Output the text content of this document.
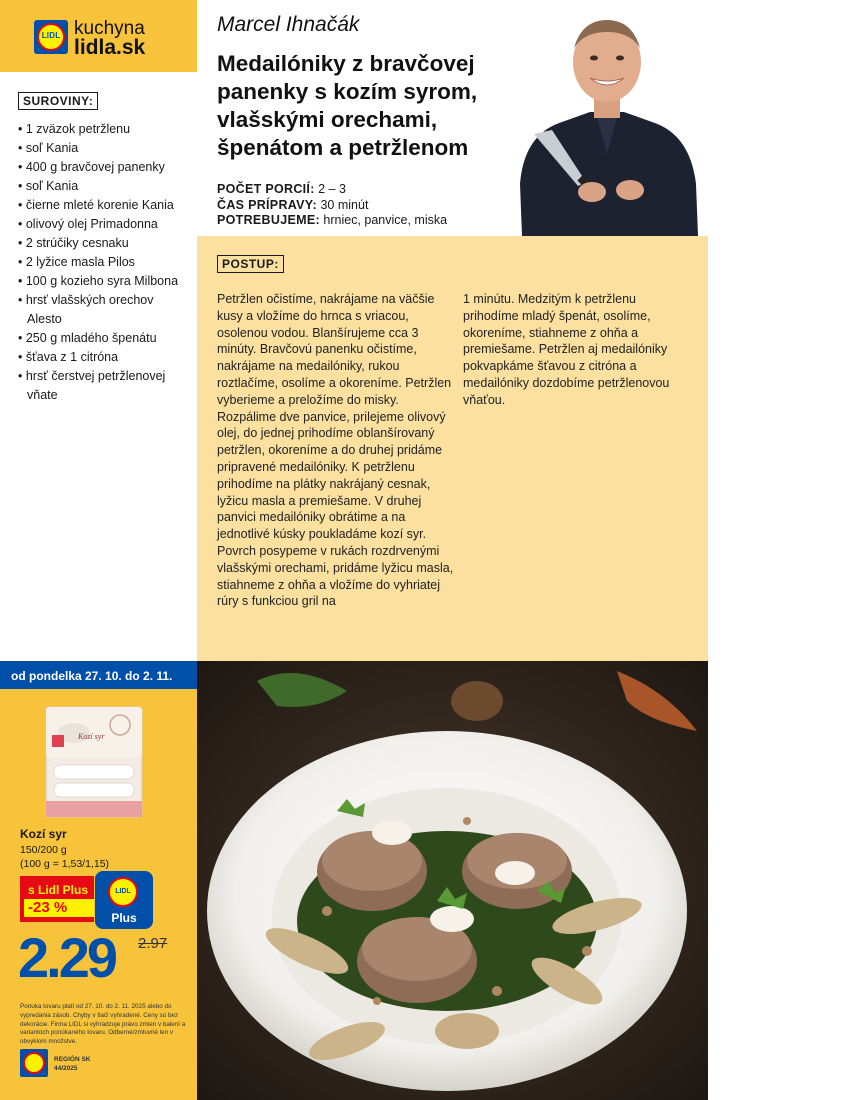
LIDL kuchyna
lidla.sk
SUROVINY:
• 1 zväzok petržlenu
• soľ Kania
• 400 g bravčovej panenky
• soľ Kania
• čierne mleté korenie Kania
• olivový olej Primadonna
• 2 strúčiky cesnaku
• 2 lyžice masla Pilos
• 100 g kozieho syra Milbona
• hrsť vlašských orechov Alesto
• 250 g mladého špenátu
• šťava z 1 citróna
• hrsť čerstvej petržlenovej vňate
Marcel Ihnačák
Medailóniky z bravčovej panenky s kozím syrom, vlašskými orechami, špenátom a petržlenom
POČET PORCIÍ: 2 – 3
ČAS PRÍPRAVY: 30 minút
POTREBUJEME: hrniec, panvice, miska
POSTUP:
Petržlen očistíme, nakrájame na väčšie kusy a vložíme do hrnca s vriacou, osolenou vodou. Blanšírujeme cca 3 minúty. Bravčovú panenku očistíme, nakrájame na medailóniky, rukou roztlačíme, osolíme a okoreníme. Petržlen vyberieme a preložíme do misky. Rozpálime dve panvice, prilejeme olivový olej, do jednej prihodíme oblanšírovaný petržlen, okoreníme a do druhej pridáme pripravené medailóniky. K petržlenu prihodíme na plátky nakrájaný cesnak, lyžicu masla a premiešame. V druhej panvici medailóniky obrátime a na jednotlivé kúsky poukladáme kozí syr. Povrch posypeme v rukách rozdrvenými vlašskými orechami, pridáme lyžicu masla, stiahneme z ohňa a vložíme do vyhriatej rúry s funkciou gril na
1 minútu. Medzitým k petržlenu prihodíme mladý špenát, osolíme, okoreníme, stiahneme z ohňa a premiešame. Petržlen aj medailóniky pokvapkáme šťavou z citróna a medailóniky dozdobíme petržlenovou vňaťou.
od pondelka 27. 10. do 2. 11.
Kozí syr
Kozí syr
150/200 g
(100 g = 1,53/1,15)
s Lidl Plus
-23 %
LIDL
Plus
2.29 2.97
Ponuka tovaru platí od 27. 10. do 2. 11. 2025 alebo do vypredania zásob. Chyby v tlači vyhradené. Ceny sú bez dekorácie. Firma LIDL si vyhradzuje právo zmien v balení a variantoch ponúkaného tovaru. Odberné/zmluvné len v obvyklom množstve.
REGIÓN SK
44/2025
